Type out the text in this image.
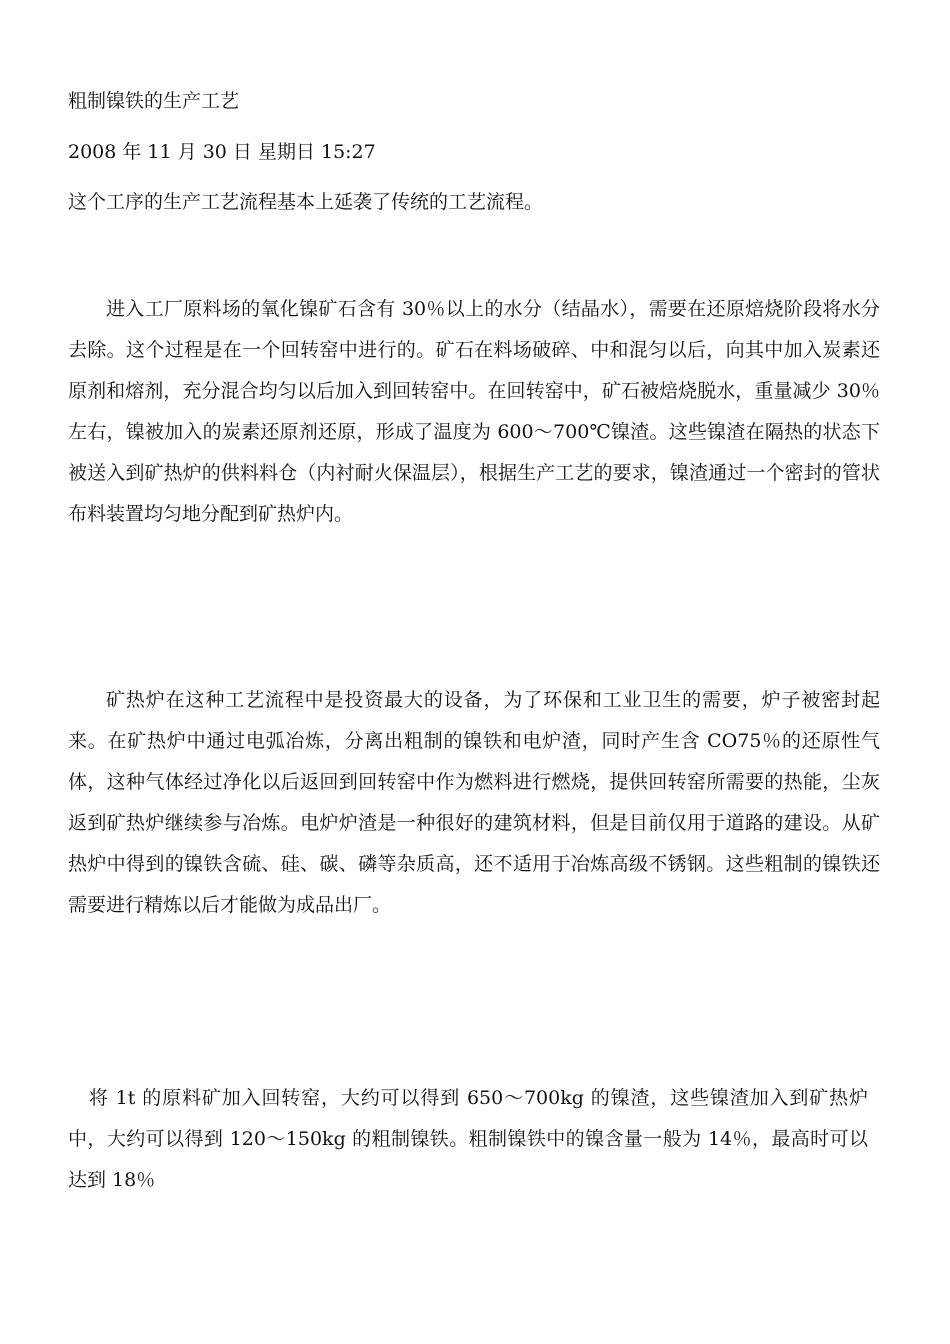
粗制镍铁的生产工艺
2008 年 11 月 30 日 星期日 15:27
这个工序的生产工艺流程基本上延袭了传统的工艺流程。
进入工厂原料场的氧化镍矿石含有 30％以上的水分（结晶水），需要在还原焙烧阶段将水分去除。这个过程是在一个回转窑中进行的。矿石在料场破碎、中和混匀以后，向其中加入炭素还原剂和熔剂，充分混合均匀以后加入到回转窑中。在回转窑中，矿石被焙烧脱水，重量减少 30％左右，镍被加入的炭素还原剂还原，形成了温度为 600～700℃镍渣。这些镍渣在隔热的状态下被送入到矿热炉的供料料仓（内衬耐火保温层），根据生产工艺的要求，镍渣通过一个密封的管状布料装置均匀地分配到矿热炉内。
矿热炉在这种工艺流程中是投资最大的设备，为了环保和工业卫生的需要，炉子被密封起来。在矿热炉中通过电弧冶炼，分离出粗制的镍铁和电炉渣，同时产生含 CO75％的还原性气体，这种气体经过净化以后返回到回转窑中作为燃料进行燃烧，提供回转窑所需要的热能，尘灰返到矿热炉继续参与冶炼。电炉炉渣是一种很好的建筑材料，但是目前仅用于道路的建设。从矿热炉中得到的镍铁含硫、硅、碳、磷等杂质高，还不适用于冶炼高级不锈钢。这些粗制的镍铁还需要进行精炼以后才能做为成品出厂。
将 1t 的原料矿加入回转窑，大约可以得到 650～700kg 的镍渣，这些镍渣加入到矿热炉中，大约可以得到 120～150kg 的粗制镍铁。粗制镍铁中的镍含量一般为 14％，最高时可以达到 18％
